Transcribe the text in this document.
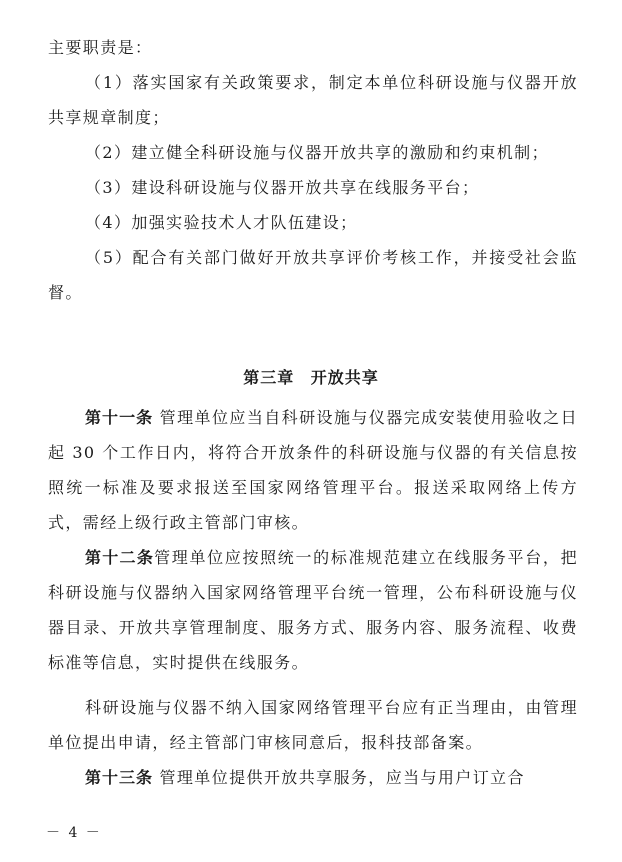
主要职责是：

（1）落实国家有关政策要求，制定本单位科研设施与仪器开放共享规章制度；

（2）建立健全科研设施与仪器开放共享的激励和约束机制；

（3）建设科研设施与仪器开放共享在线服务平台；

（4）加强实验技术人才队伍建设；

（5）配合有关部门做好开放共享评价考核工作，并接受社会监督。

第三章 开放共享

第十一条 管理单位应当自科研设施与仪器完成安装使用验收之日起 30 个工作日内，将符合开放条件的科研设施与仪器的有关信息按照统一标准及要求报送至国家网络管理平台。报送采取网络上传方式，需经上级行政主管部门审核。

第十二条管理单位应按照统一的标准规范建立在线服务平台，把科研设施与仪器纳入国家网络管理平台统一管理，公布科研设施与仪器目录、开放共享管理制度、服务方式、服务内容、服务流程、收费标准等信息，实时提供在线服务。

科研设施与仪器不纳入国家网络管理平台应有正当理由，由管理单位提出申请，经主管部门审核同意后，报科技部备案。

第十三条 管理单位提供开放共享服务，应当与用户订立合

－ 4 －
